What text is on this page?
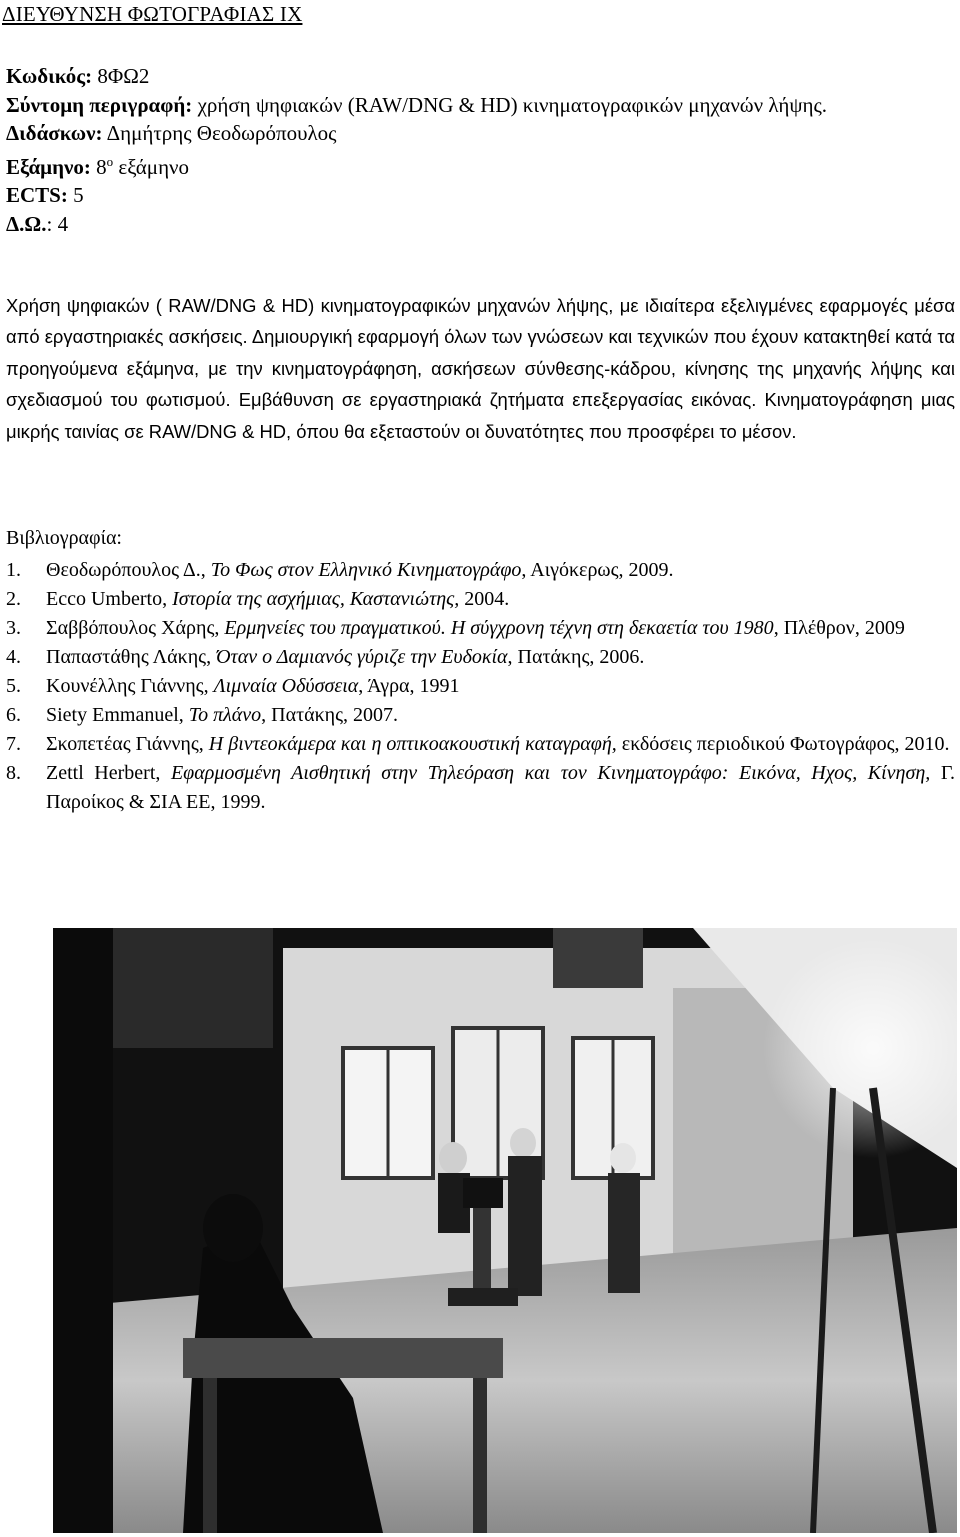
ΔΙΕΥΘΥΝΣΗ ΦΩΤΟΓΡΑΦΙΑΣ ΙΧ
Κωδικός: 8ΦΩ2
Σύντομη περιγραφή: χρήση ψηφιακών (RAW/DNG & HD) κινηματογραφικών μηχανών λήψης.
Διδάσκων: Δημήτρης Θεοδωρόπουλος
Εξάμηνο: $8^o$ εξάμηνο
ECTS: 5
Δ.Ω.: 4
Χρήση ψηφιακών ( RAW/DNG & HD) κινηματογραφικών μηχανών λήψης, με ιδιαίτερα εξελιγμένες εφαρμογές μέσα από εργαστηριακές ασκήσεις. Δημιουργική εφαρμογή όλων των γνώσεων και τεχνικών που έχουν κατακτηθεί κατά τα προηγούμενα εξάμηνα, με την κινηματογράφηση, ασκήσεων σύνθεσης-κάδρου, κίνησης της μηχανής λήψης και σχεδιασμού του φωτισμού. Εμβάθυνση σε εργαστηριακά ζητήματα επεξεργασίας εικόνας. Κινηματογράφηση μιας μικρής ταινίας σε RAW/DNG & HD, όπου θα εξεταστούν οι δυνατότητες που προσφέρει το μέσον.
Βιβλιογραφία:
1.	Θεοδωρόπουλος Δ., Το Φως στον Ελληνικό Κινηματογράφο, Αιγόκερως, 2009.
2.	Ecco Umberto, Ιστορία της ασχήμιας, Καστανιώτης, 2004.
3.	Σαββόπουλος Χάρης, Ερμηνείες του πραγματικού. Η σύγχρονη τέχνη στη δεκαετία του 1980, Πλέθρον, 2009
4.	Παπαστάθης Λάκης, Όταν ο Δαμιανός γύριζε την Ευδοκία, Πατάκης, 2006.
5.	Κουνέλλης Γιάννης, Λιμναία Οδύσσεια, Άγρα, 1991
6.	Siety Emmanuel, Το πλάνο, Πατάκης, 2007.
7.	Σκοπετέας Γιάννης, Η βιντεοκάμερα και η οπτικοακουστική καταγραφή, εκδόσεις περιοδικού Φωτογράφος, 2010.
8.	Zettl Herbert, Εφαρμοσμένη Αισθητική στην Τηλεόραση και τον Κινηματογράφο: Εικόνα, Ηχος, Κίνηση, Γ. Παροίκος & ΣΙΑ ΕΕ, 1999.
